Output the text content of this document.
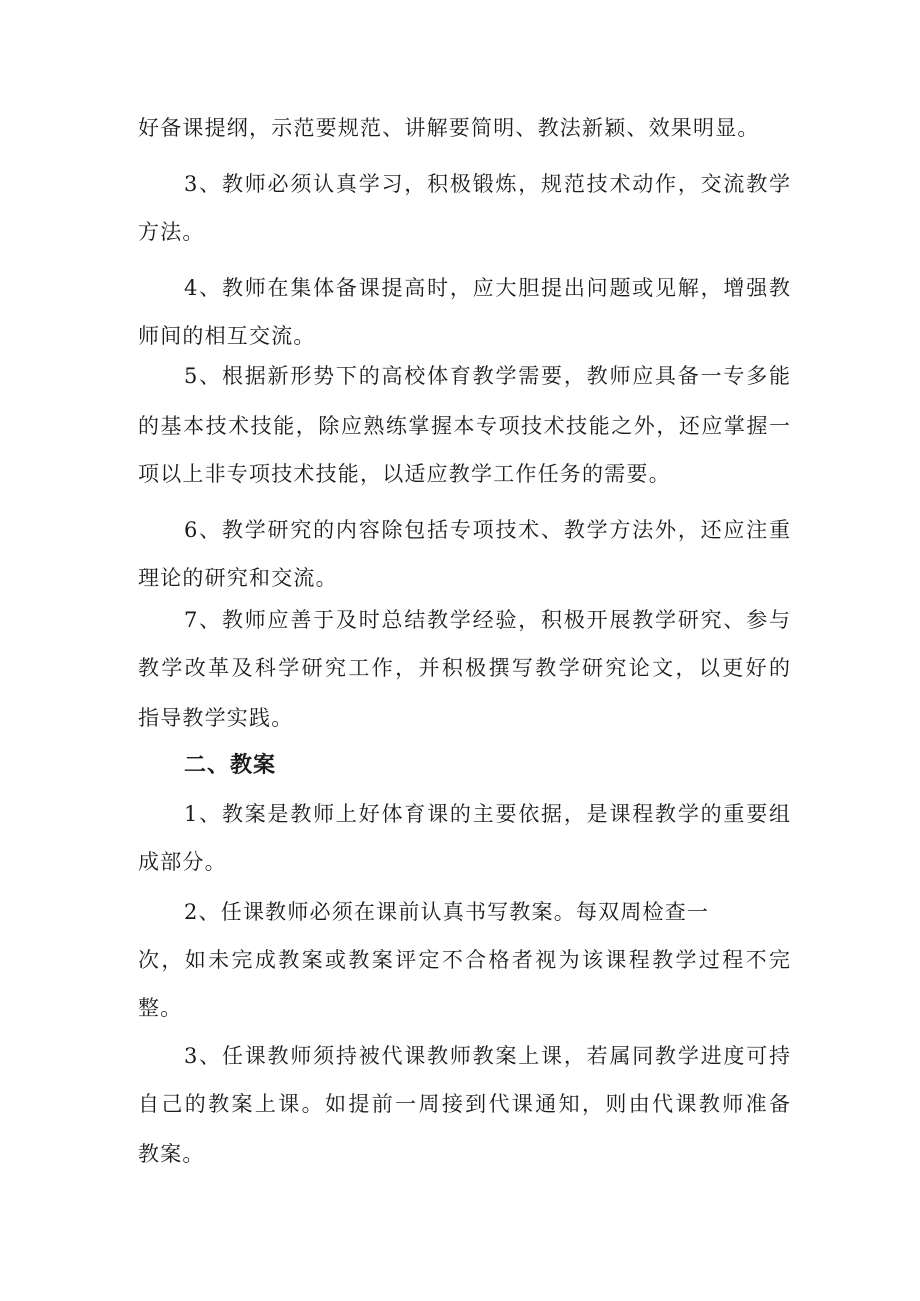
好备课提纲，示范要规范、讲解要简明、教法新颖、效果明显。
3、教师必须认真学习，积极锻炼，规范技术动作，交流教学
方法。
4、教师在集体备课提高时，应大胆提出问题或见解，增强教
师间的相互交流。
5、根据新形势下的高校体育教学需要，教师应具备一专多能
的基本技术技能，除应熟练掌握本专项技术技能之外，还应掌握一
项以上非专项技术技能，以适应教学工作任务的需要。
6、教学研究的内容除包括专项技术、教学方法外，还应注重
理论的研究和交流。
7、教师应善于及时总结教学经验，积极开展教学研究、参与
教学改革及科学研究工作，并积极撰写教学研究论文，以更好的
指导教学实践。
二、教案
1、教案是教师上好体育课的主要依据，是课程教学的重要组
成部分。
2、任课教师必须在课前认真书写教案。每双周检查一
次，如未完成教案或教案评定不合格者视为该课程教学过程不完
整。
3、任课教师须持被代课教师教案上课，若属同教学进度可持
自己的教案上课。如提前一周接到代课通知，则由代课教师准备
教案。
